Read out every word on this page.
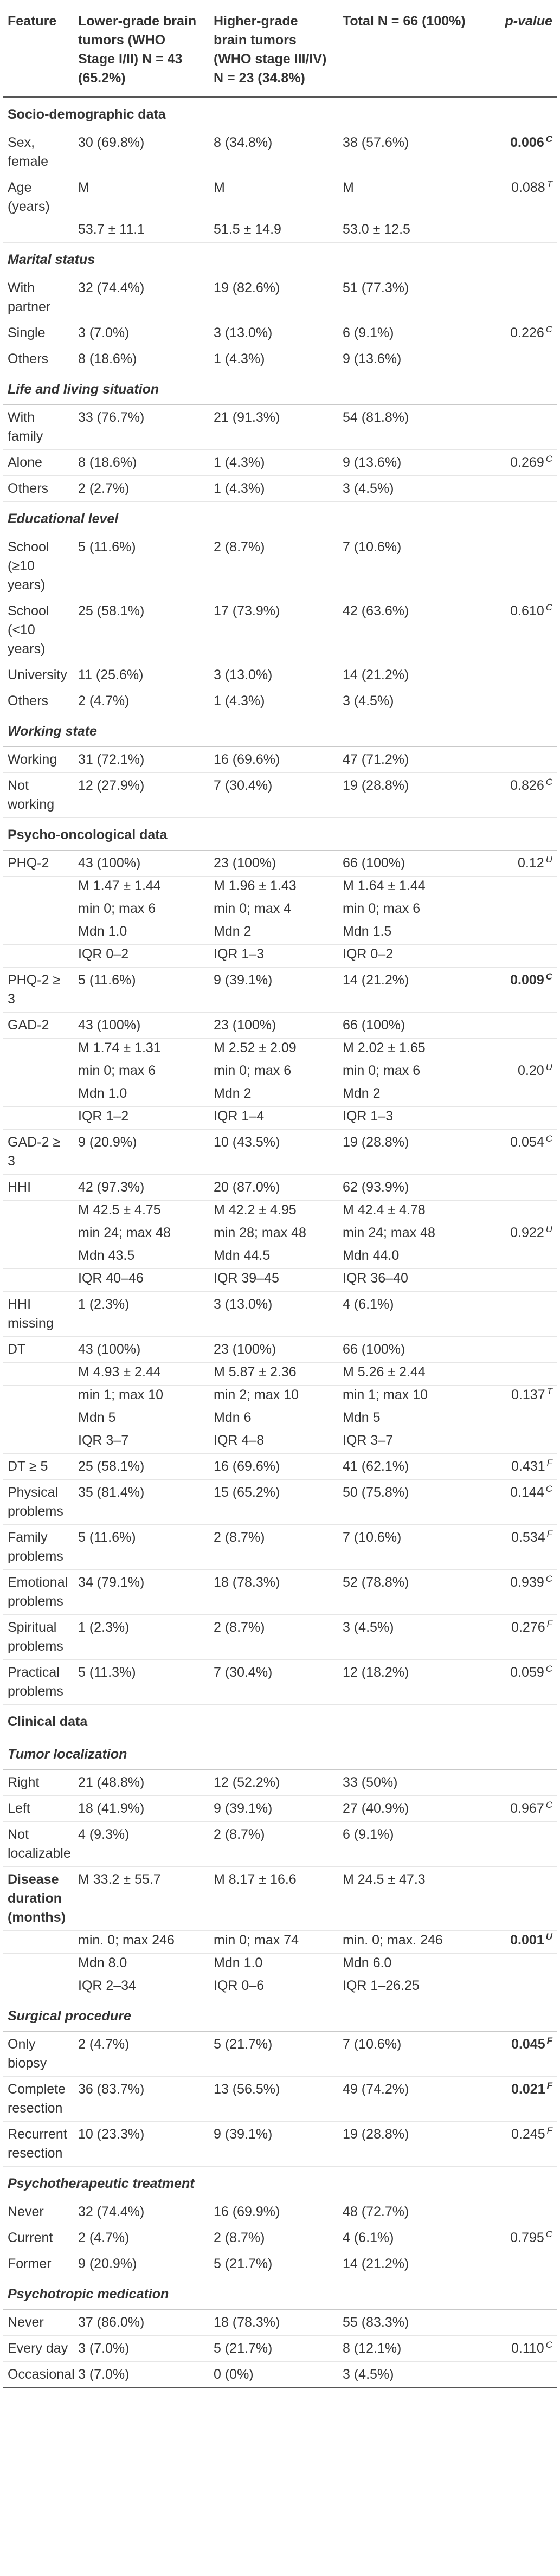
Feature	Lower-grade brain tumors (WHO Stage I/II) N = 43 (65.2%)	Higher-grade brain tumors (WHO stage III/IV) N = 23 (34.8%)	Total N = 66 (100%)	p-value
Socio-demographic data				
Sex, female	30 (69.8%)	8 (34.8%)	38 (57.6%)	0.006 $^C$
Age (years)	M	M	M	0.088 $^T$
	53.7 ± 11.1	51.5 ± 14.9	53.0 ± 12.5	
Marital status				
With partner	32 (74.4%)	19 (82.6%)	51 (77.3%)	
Single	3 (7.0%)	3 (13.0%)	6 (9.1%)	0.226 $^C$
Others	8 (18.6%)	1 (4.3%)	9 (13.6%)	
Life and living situation				
With family	33 (76.7%)	21 (91.3%)	54 (81.8%)	
Alone	8 (18.6%)	1 (4.3%)	9 (13.6%)	0.269 $^C$
Others	2 (2.7%)	1 (4.3%)	3 (4.5%)	
Educational level				
School (≥10 years)	5 (11.6%)	2 (8.7%)	7 (10.6%)	
School (<10 years)	25 (58.1%)	17 (73.9%)	42 (63.6%)	0.610 $^C$
University	11 (25.6%)	3 (13.0%)	14 (21.2%)	
Others	2 (4.7%)	1 (4.3%)	3 (4.5%)	
Working state				
Working	31 (72.1%)	16 (69.6%)	47 (71.2%)	
Not working	12 (27.9%)	7 (30.4%)	19 (28.8%)	0.826 $^C$
Psycho-oncological data				
PHQ-2	43 (100%)	23 (100%)	66 (100%)	0.12 $^U$
	M 1.47 ± 1.44	M 1.96 ± 1.43	M 1.64 ± 1.44	
	min 0; max 6	min 0; max 4	min 0; max 6	
	Mdn 1.0	Mdn 2	Mdn 1.5	
	IQR 0–2	IQR 1–3	IQR 0–2	
PHQ-2 ≥ 3	5 (11.6%)	9 (39.1%)	14 (21.2%)	0.009 $^C$
GAD-2	43 (100%)	23 (100%)	66 (100%)	
	M 1.74 ± 1.31	M 2.52 ± 2.09	M 2.02 ± 1.65	
	min 0; max 6	min 0; max 6	min 0; max 6	0.20 $^U$
	Mdn 1.0	Mdn 2	Mdn 2	
	IQR 1–2	IQR 1–4	IQR 1–3	
GAD-2 ≥ 3	9 (20.9%)	10 (43.5%)	19 (28.8%)	0.054 $^C$
HHI	42 (97.3%)	20 (87.0%)	62 (93.9%)	
	M 42.5 ± 4.75	M 42.2 ± 4.95	M 42.4 ± 4.78	
	min 24; max 48	min 28; max 48	min 24; max 48	0.922 $^U$
	Mdn 43.5	Mdn 44.5	Mdn 44.0	
	IQR 40–46	IQR 39–45	IQR 36–40	
HHI missing	1 (2.3%)	3 (13.0%)	4 (6.1%)	
DT	43 (100%)	23 (100%)	66 (100%)	
	M 4.93 ± 2.44	M 5.87 ± 2.36	M 5.26 ± 2.44	
	min 1; max 10	min 2; max 10	min 1; max 10	0.137 $^T$
	Mdn 5	Mdn 6	Mdn 5	
	IQR 3–7	IQR 4–8	IQR 3–7	
DT ≥ 5	25 (58.1%)	16 (69.6%)	41 (62.1%)	0.431 $^F$
Physical problems	35 (81.4%)	15 (65.2%)	50 (75.8%)	0.144 $^C$
Family problems	5 (11.6%)	2 (8.7%)	7 (10.6%)	0.534 $^F$
Emotional problems	34 (79.1%)	18 (78.3%)	52 (78.8%)	0.939 $^C$
Spiritual problems	1 (2.3%)	2 (8.7%)	3 (4.5%)	0.276 $^F$
Practical problems	5 (11.3%)	7 (30.4%)	12 (18.2%)	0.059 $^C$
Clinical data				
Tumor localization				
Right	21 (48.8%)	12 (52.2%)	33 (50%)	
Left	18 (41.9%)	9 (39.1%)	27 (40.9%)	0.967 $^C$
Not localizable	4 (9.3%)	2 (8.7%)	6 (9.1%)	
Disease duration (months)	M 33.2 ± 55.7	M 8.17 ± 16.6	M 24.5 ± 47.3	
	min. 0; max 246	min 0; max 74	min. 0; max. 246	0.001 $^U$
	Mdn 8.0	Mdn 1.0	Mdn 6.0	
	IQR 2–34	IQR 0–6	IQR 1–26.25	
Surgical procedure				
Only biopsy	2 (4.7%)	5 (21.7%)	7 (10.6%)	0.045 $^F$
Complete resection	36 (83.7%)	13 (56.5%)	49 (74.2%)	0.021 $^F$
Recurrent resection	10 (23.3%)	9 (39.1%)	19 (28.8%)	0.245 $^F$
Psychotherapeutic treatment				
Never	32 (74.4%)	16 (69.9%)	48 (72.7%)	
Current	2 (4.7%)	2 (8.7%)	4 (6.1%)	0.795 $^C$
Former	9 (20.9%)	5 (21.7%)	14 (21.2%)	
Psychotropic medication				
Never	37 (86.0%)	18 (78.3%)	55 (83.3%)	
Every day	3 (7.0%)	5 (21.7%)	8 (12.1%)	0.110 $^C$
Occasional	3 (7.0%)	0 (0%)	3 (4.5%)	
